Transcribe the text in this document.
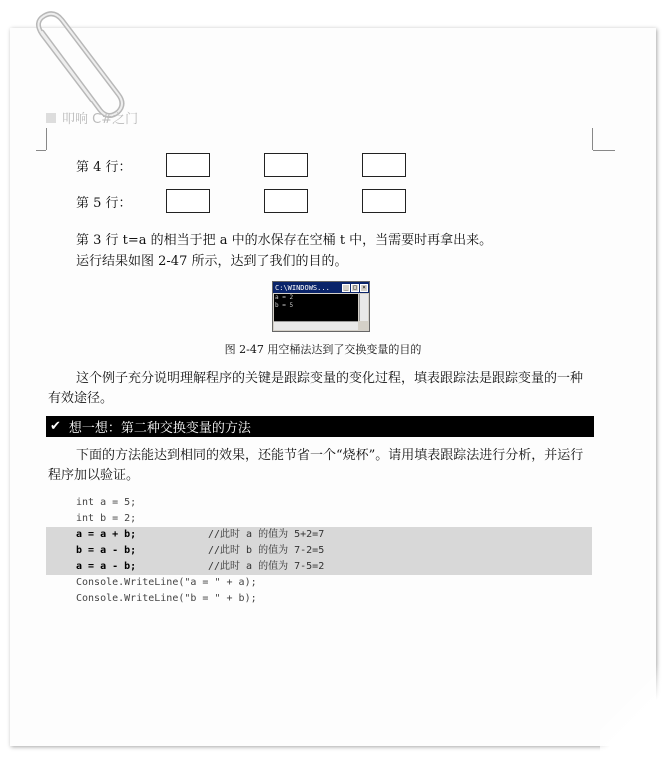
叩响 C#之门
第 4 行：
第 5 行：
第 3 行 t=a 的相当于把 a 中的水保存在空桶 t 中，当需要时再拿出来。
运行结果如图 2-47 所示，达到了我们的目的。
C:\WINDOWS...	_ □ ×
a = 2
b = 5
图 2-47 用空桶法达到了交换变量的目的
这个例子充分说明理解程序的关键是跟踪变量的变化过程，填表跟踪法是跟踪变量的一种有效途径。
✔ 想一想：第二种交换变量的方法
下面的方法能达到相同的效果，还能节省一个“烧杯”。请用填表跟踪法进行分析，并运行程序加以验证。
int a = 5;
int b = 2;
a = a + b;	//此时 a 的值为 5+2=7
b = a - b;	//此时 b 的值为 7-2=5
a = a - b;	//此时 a 的值为 7-5=2
Console.WriteLine("a = " + a);
Console.WriteLine("b = " + b);
